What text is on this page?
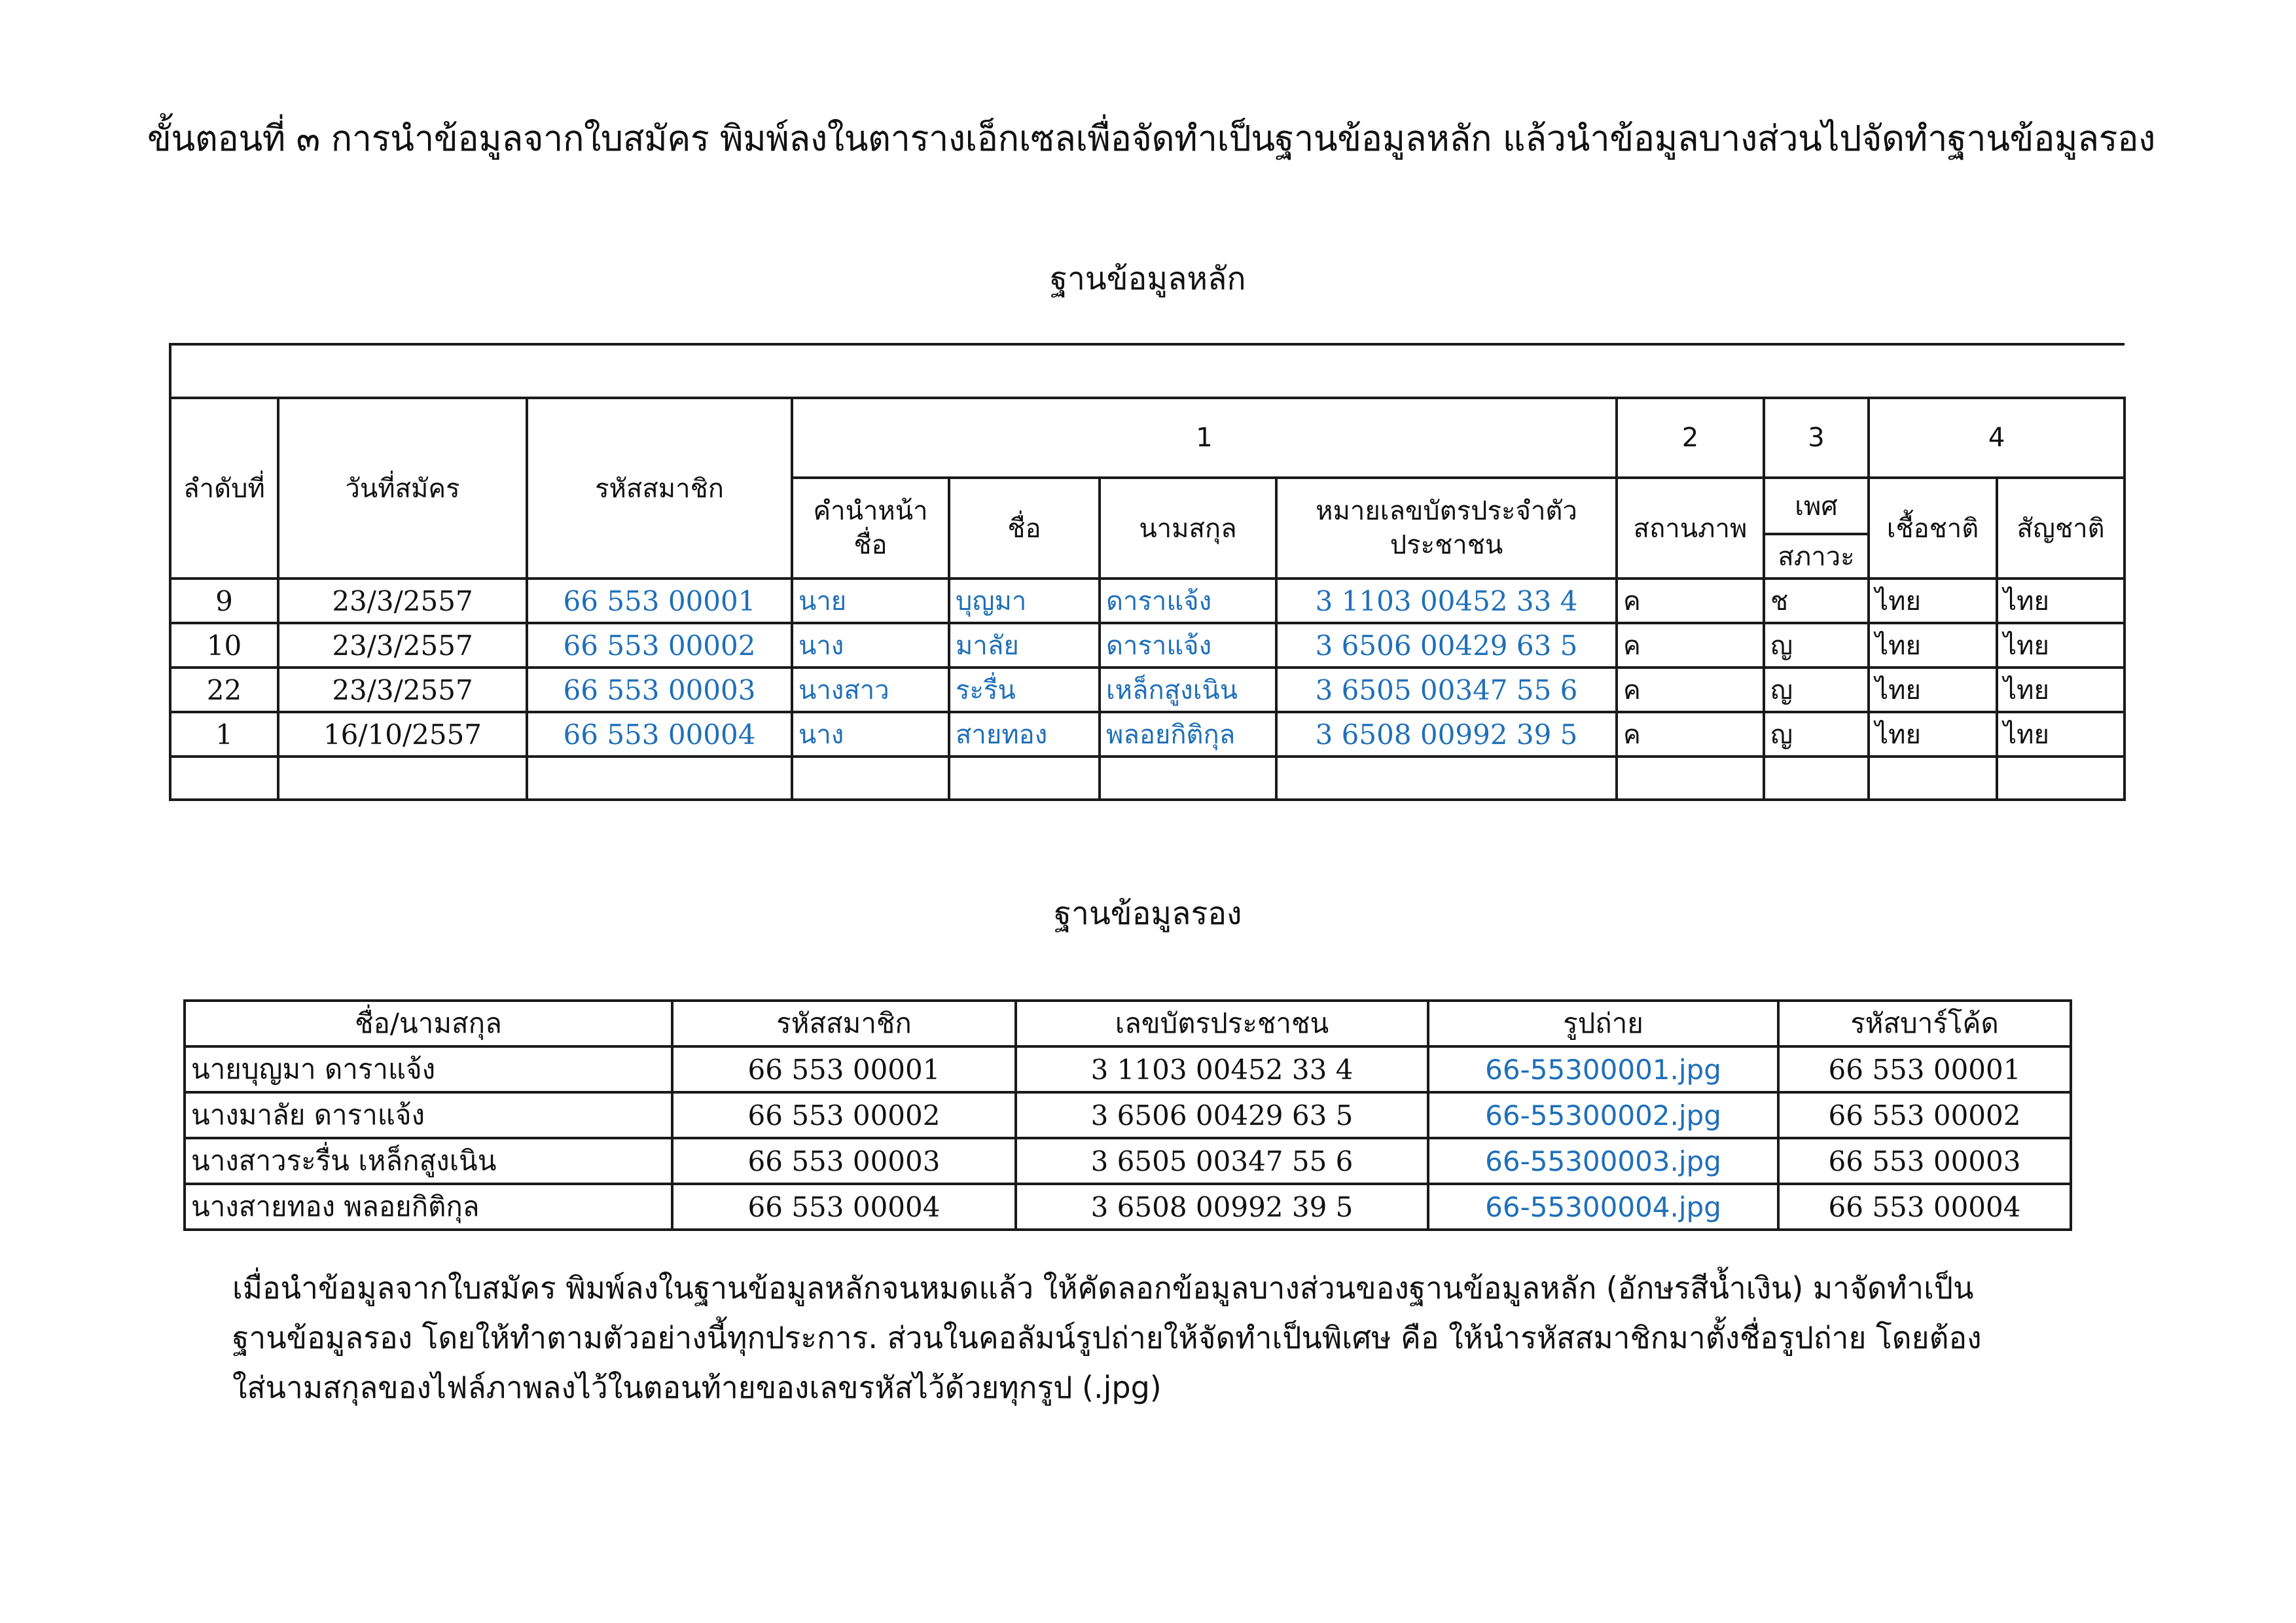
ขั้นตอนที่ ๓ การนำข้อมูลจากใบสมัคร พิมพ์ลงในตารางเอ็กเซลเพื่อจัดทำเป็นฐานข้อมูลหลัก แล้วนำข้อมูลบางส่วนไปจัดทำฐานข้อมูลรอง
ฐานข้อมูลหลัก

ลำดับที่	วันที่สมัคร	รหัสสมาชิก	1				2	3	4	
			คำนำหน้า ชื่อ	ชื่อ	นามสกุล	หมายเลขบัตรประจำตัว ประชาชน	สถานภาพ	เพศ	เชื้อชาติ	สัญชาติ
								สภาวะ		
9	23/3/2557	66 553 00001	นาย	บุญมา	ดาราแจ้ง	3 1103 00452 33 4	ค	ช	ไทย	ไทย
10	23/3/2557	66 553 00002	นาง	มาลัย	ดาราแจ้ง	3 6506 00429 63 5	ค	ญ	ไทย	ไทย
22	23/3/2557	66 553 00003	นางสาว	ระรื่น	เหล็กสูงเนิน	3 6505 00347 55 6	ค	ญ	ไทย	ไทย
1	16/10/2557	66 553 00004	นาง	สายทอง	พลอยกิติกุล	3 6508 00992 39 5	ค	ญ	ไทย	ไทย

ฐานข้อมูลรอง
ชื่อ/นามสกุล	รหัสสมาชิก	เลขบัตรประชาชน	รูปถ่าย	รหัสบาร์โค้ด
นายบุญมา ดาราแจ้ง	66 553 00001	3 1103 00452 33 4	66-55300001.jpg	66 553 00001
นางมาลัย ดาราแจ้ง	66 553 00002	3 6506 00429 63 5	66-55300002.jpg	66 553 00002
นางสาวระรื่น เหล็กสูงเนิน	66 553 00003	3 6505 00347 55 6	66-55300003.jpg	66 553 00003
นางสายทอง พลอยกิติกุล	66 553 00004	3 6508 00992 39 5	66-55300004.jpg	66 553 00004

เมื่อนำข้อมูลจากใบสมัคร พิมพ์ลงในฐานข้อมูลหลักจนหมดแล้ว ให้คัดลอกข้อมูลบางส่วนของฐานข้อมูลหลัก (อักษรสีน้ำเงิน) มาจัดทำเป็น

ฐานข้อมูลรอง โดยให้ทำตามตัวอย่างนี้ทุกประการ. ส่วนในคอลัมน์รูปถ่ายให้จัดทำเป็นพิเศษ คือ ให้นำรหัสสมาชิกมาตั้งชื่อรูปถ่าย โดยต้อง

ใส่นามสกุลของไฟล์ภาพลงไว้ในตอนท้ายของเลขรหัสไว้ด้วยทุกรูป (.jpg)
